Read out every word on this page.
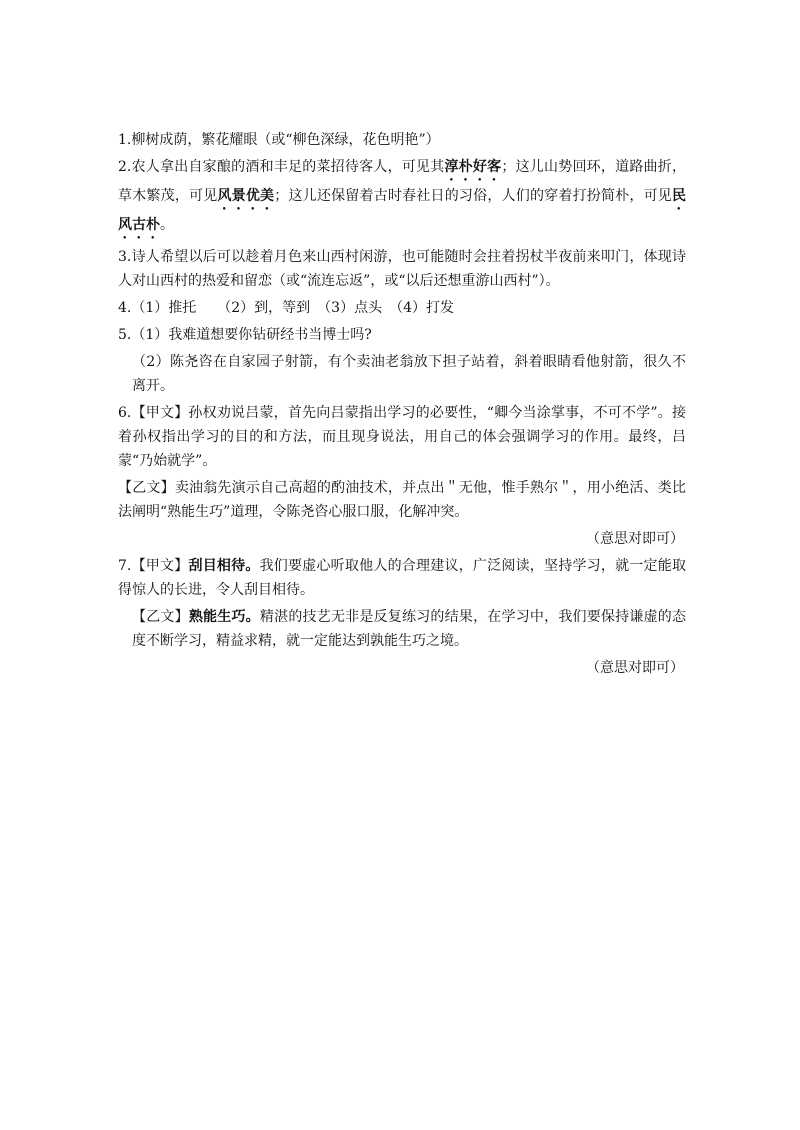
1.柳树成荫，繁花耀眼（或“柳色深绿，花色明艳”）

2.农人拿出自家酿的酒和丰足的菜招待客人，可见其淳朴好客；这儿山势回环，道路曲折，草木繁茂，可见风景优美；这儿还保留着古时春社日的习俗，人们的穿着打扮简朴，可见民风古朴。

3.诗人希望以后可以趁着月色来山西村闲游，也可能随时会拄着拐杖半夜前来叩门，体现诗人对山西村的热爱和留恋（或“流连忘返”，或“以后还想重游山西村”）。

4.（1）推托　　（2）到，等到　（3）点头　（4）打发

5.（1）我难道想要你钻研经书当博士吗?

（2）陈尧咨在自家园子射箭，有个卖油老翁放下担子站着，斜着眼睛看他射箭，很久不离开。

6.【甲文】孙权劝说吕蒙，首先向吕蒙指出学习的必要性，“卿今当涂掌事，不可不学”。接着孙权指出学习的目的和方法，而且现身说法，用自己的体会强调学习的作用。最终，吕蒙“乃始就学”。

【乙文】卖油翁先演示自己高超的酌油技术，并点出＂无他，惟手熟尔＂，用小绝活、类比法阐明“熟能生巧”道理，令陈尧咨心服口服，化解冲突。

（意思对即可）

7.【甲文】刮目相待。我们要虚心听取他人的合理建议，广泛阅读，坚持学习，就一定能取得惊人的长进，令人刮目相待。

【乙文】熟能生巧。精湛的技艺无非是反复练习的结果，在学习中，我们要保持谦虚的态度不断学习，精益求精，就一定能达到孰能生巧之境。

（意思对即可）
